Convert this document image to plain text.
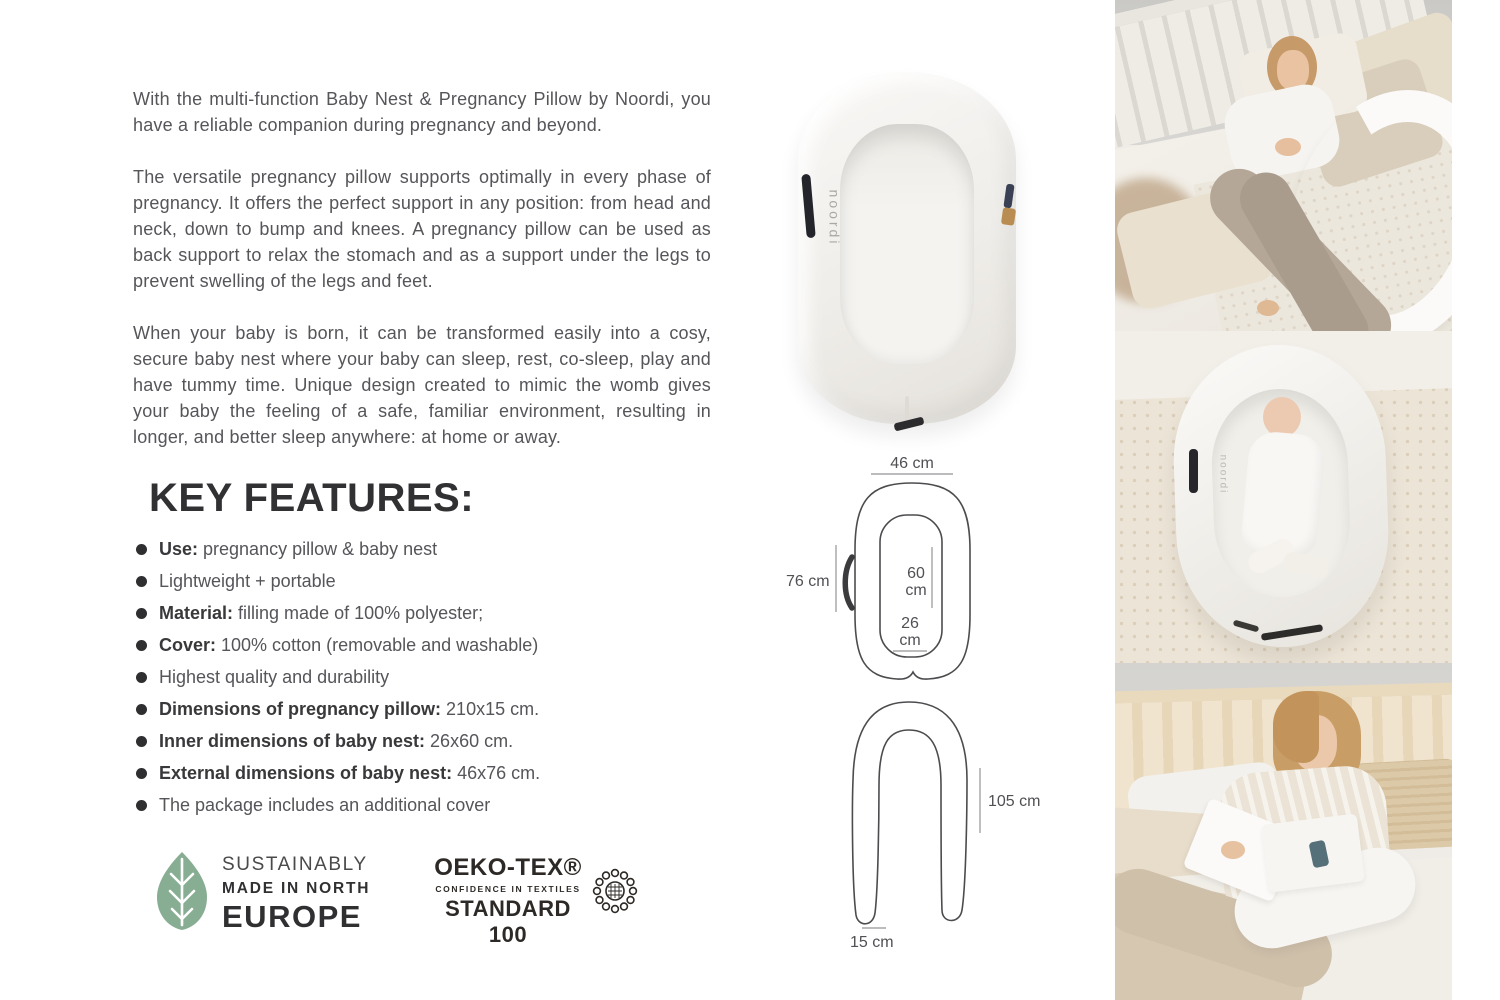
With the multi-function Baby Nest & Pregnancy Pillow by Noordi, you have a reliable companion during pregnancy and beyond.

The versatile pregnancy pillow supports optimally in every phase of pregnancy. It offers the perfect support in any position: from head and neck, down to bump and knees. A pregnancy pillow can be used as back support to relax the stomach and as a support under the legs to prevent swelling of the legs and feet.

When your baby is born, it can be transformed easily into a cosy, secure baby nest where your baby can sleep, rest, co-sleep, play and have tummy time. Unique design created to mimic the womb gives your baby the feeling of a safe, familiar environment, resulting in longer, and better sleep anywhere: at home or away.

KEY FEATURES:
Use: pregnancy pillow & baby nest
Lightweight + portable
Material: filling made of 100% polyester;
Cover: 100% cotton (removable and washable)
Highest quality and durability
Dimensions of pregnancy pillow: 210x15 cm.
Inner dimensions of baby nest: 26x60 cm.
External dimensions of baby nest: 46x76 cm.
The package includes an additional cover
SUSTAINABLY
MADE IN NORTH
EUROPE
OEKO-TEX®
CONFIDENCE IN TEXTILES
STANDARD 100
noordi
46 cm
76 cm	60
cm
26
cm
105 cm
15 cm
noordi
